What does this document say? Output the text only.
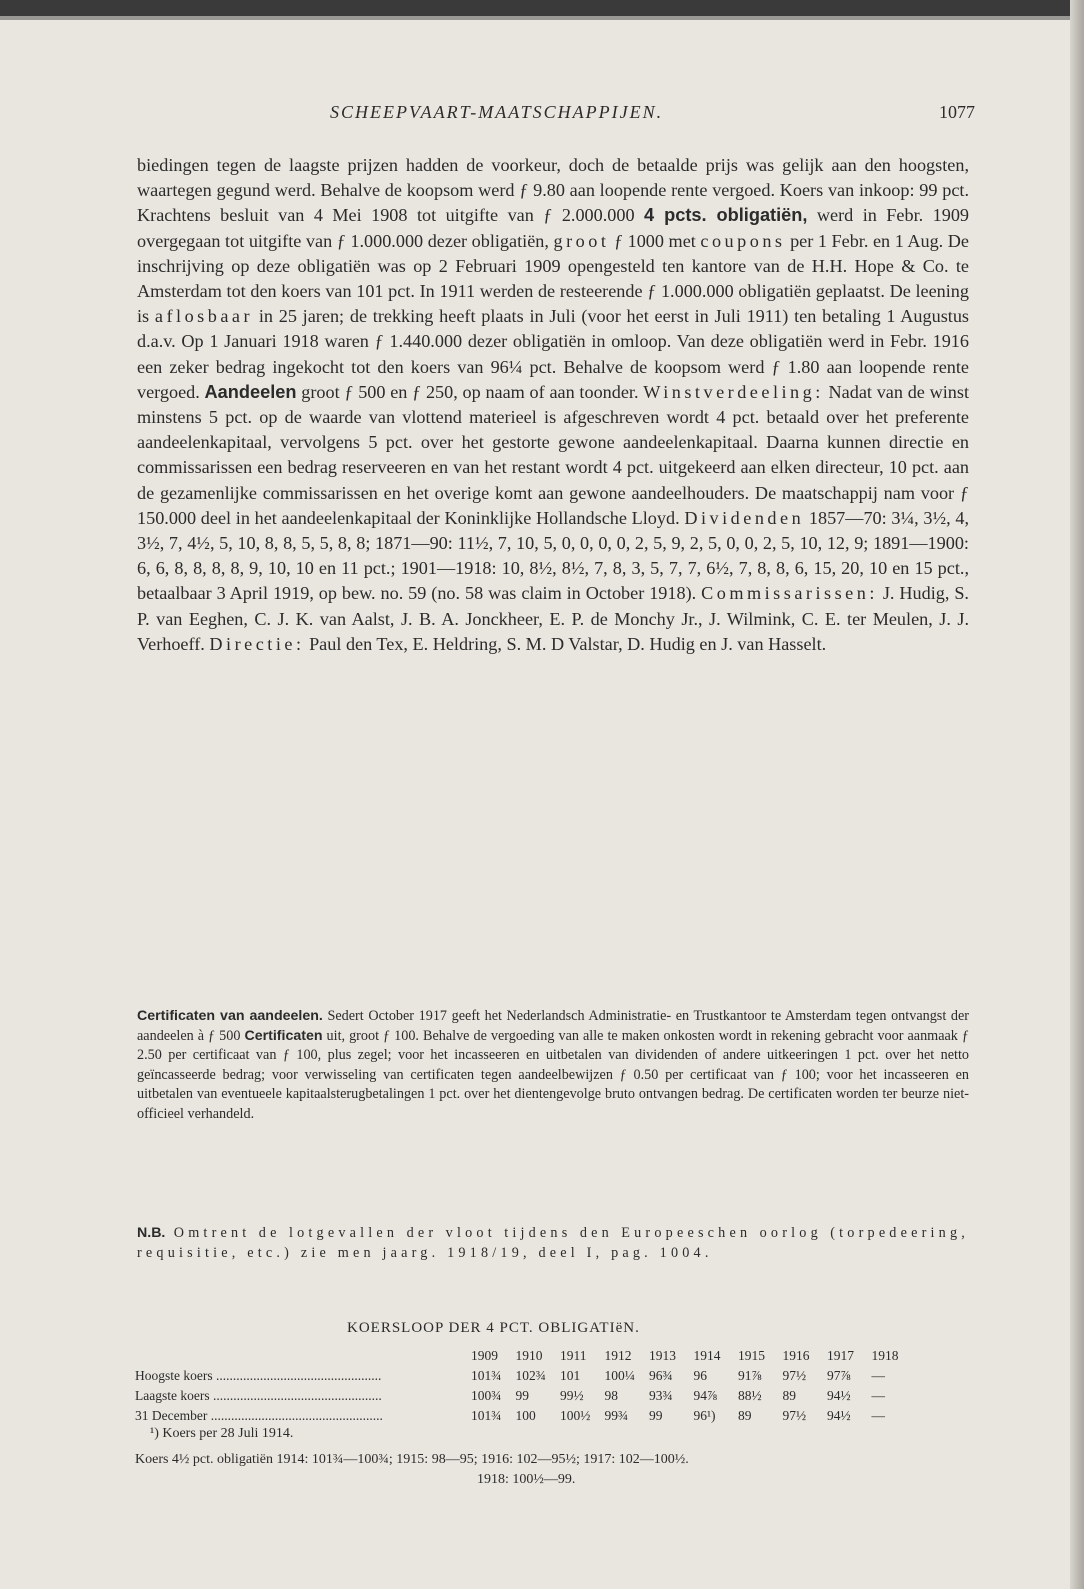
SCHEEPVAART-MAATSCHAPPIJEN.	1077

biedingen tegen de laagste prijzen hadden de voorkeur, doch de betaalde prijs was gelijk aan den hoogsten, waartegen gegund werd. Behalve de koopsom werd ƒ 9.80 aan loopende rente vergoed. Koers van inkoop: 99 pct. Krachtens besluit van 4 Mei 1908 tot uitgifte van ƒ 2.000.000 4 pcts. obligatiën, werd in Febr. 1909 overgegaan tot uitgifte van ƒ 1.000.000 dezer obligatiën, groot ƒ 1000 met coupons per 1 Febr. en 1 Aug. De inschrijving op deze obligatiën was op 2 Februari 1909 opengesteld ten kantore van de H.H. Hope & Co. te Amsterdam tot den koers van 101 pct. In 1911 werden de resteerende ƒ 1.000.000 obligatiën geplaatst. De leening is aflosbaar in 25 jaren; de trekking heeft plaats in Juli (voor het eerst in Juli 1911) ten betaling 1 Augustus d.a.v. Op 1 Januari 1918 waren ƒ 1.440.000 dezer obligatiën in omloop. Van deze obligatiën werd in Febr. 1916 een zeker bedrag ingekocht tot den koers van 96¼ pct. Behalve de koopsom werd ƒ 1.80 aan loopende rente vergoed. Aandeelen groot ƒ 500 en ƒ 250, op naam of aan toonder. Winstverdeeling: Nadat van de winst minstens 5 pct. op de waarde van vlottend materieel is afgeschreven wordt 4 pct. betaald over het preferente aandeelenkapitaal, vervolgens 5 pct. over het gestorte gewone aandeelenkapitaal. Daarna kunnen directie en commissarissen een bedrag reserveeren en van het restant wordt 4 pct. uitgekeerd aan elken directeur, 10 pct. aan de gezamenlijke commissarissen en het overige komt aan gewone aandeelhouders. De maatschappij nam voor ƒ 150.000 deel in het aandeelenkapitaal der Koninklijke Hollandsche Lloyd. Dividenden 1857—70: 3¼, 3½, 4, 3½, 7, 4½, 5, 10, 8, 8, 5, 5, 8, 8; 1871—90: 11½, 7, 10, 5, 0, 0, 0, 0, 2, 5, 9, 2, 5, 0, 0, 2, 5, 10, 12, 9; 1891—1900: 6, 6, 8, 8, 8, 8, 9, 10, 10 en 11 pct.; 1901—1918: 10, 8½, 8½, 7, 8, 3, 5, 7, 7, 6½, 7, 8, 8, 6, 15, 20, 10 en 15 pct., betaalbaar 3 April 1919, op bew. no. 59 (no. 58 was claim in October 1918). Commissarissen: J. Hudig, S. P. van Eeghen, C. J. K. van Aalst, J. B. A. Jonckheer, E. P. de Monchy Jr., J. Wilmink, C. E. ter Meulen, J. J. Verhoeff. Directie: Paul den Tex, E. Heldring, S. M. D Valstar, D. Hudig en J. van Hasselt.

Certificaten van aandeelen. Sedert October 1917 geeft het Nederlandsch Administratie- en Trustkantoor te Amsterdam tegen ontvangst der aandeelen à ƒ 500 Certificaten uit, groot ƒ 100. Behalve de vergoeding van alle te maken onkosten wordt in rekening gebracht voor aanmaak ƒ 2.50 per certificaat van ƒ 100, plus zegel; voor het incasseeren en uitbetalen van dividenden of andere uitkeeringen 1 pct. over het netto geïncasseerde bedrag; voor verwisseling van certificaten tegen aandeelbewijzen ƒ 0.50 per certificaat van ƒ 100; voor het incasseeren en uitbetalen van eventueele kapitaalsterugbetalingen 1 pct. over het dientengevolge bruto ontvangen bedrag. De certificaten worden ter beurze niet-officieel verhandeld.

N.B. Omtrent de lotgevallen der vloot tijdens den Europeeschen oorlog (torpedeering, requisitie, etc.) zie men jaarg. 1918/19, deel I, pag. 1004.

KOERSLOOP DER 4 PCT. OBLIGATIëN.
	1909	1910	1911	1912	1913	1914	1915	1916	1917	1918
Hoogste koers .................................................	101¾	102¾	101	100¼	96¾	96	91⅞	97½	97⅞	—
Laagste koers ..................................................	100¾	99	99½	98	93¾	94⅞	88½	89	94½	—
31 December ...................................................	101¾	100	100½	99¾	99	96¹)	89	97½	94½	—
¹) Koers per 28 Juli 1914.
Koers 4½ pct. obligatiën 1914: 101¾—100¾; 1915: 98—95; 1916: 102—95½; 1917: 102—100½.
1918: 100½—99.
